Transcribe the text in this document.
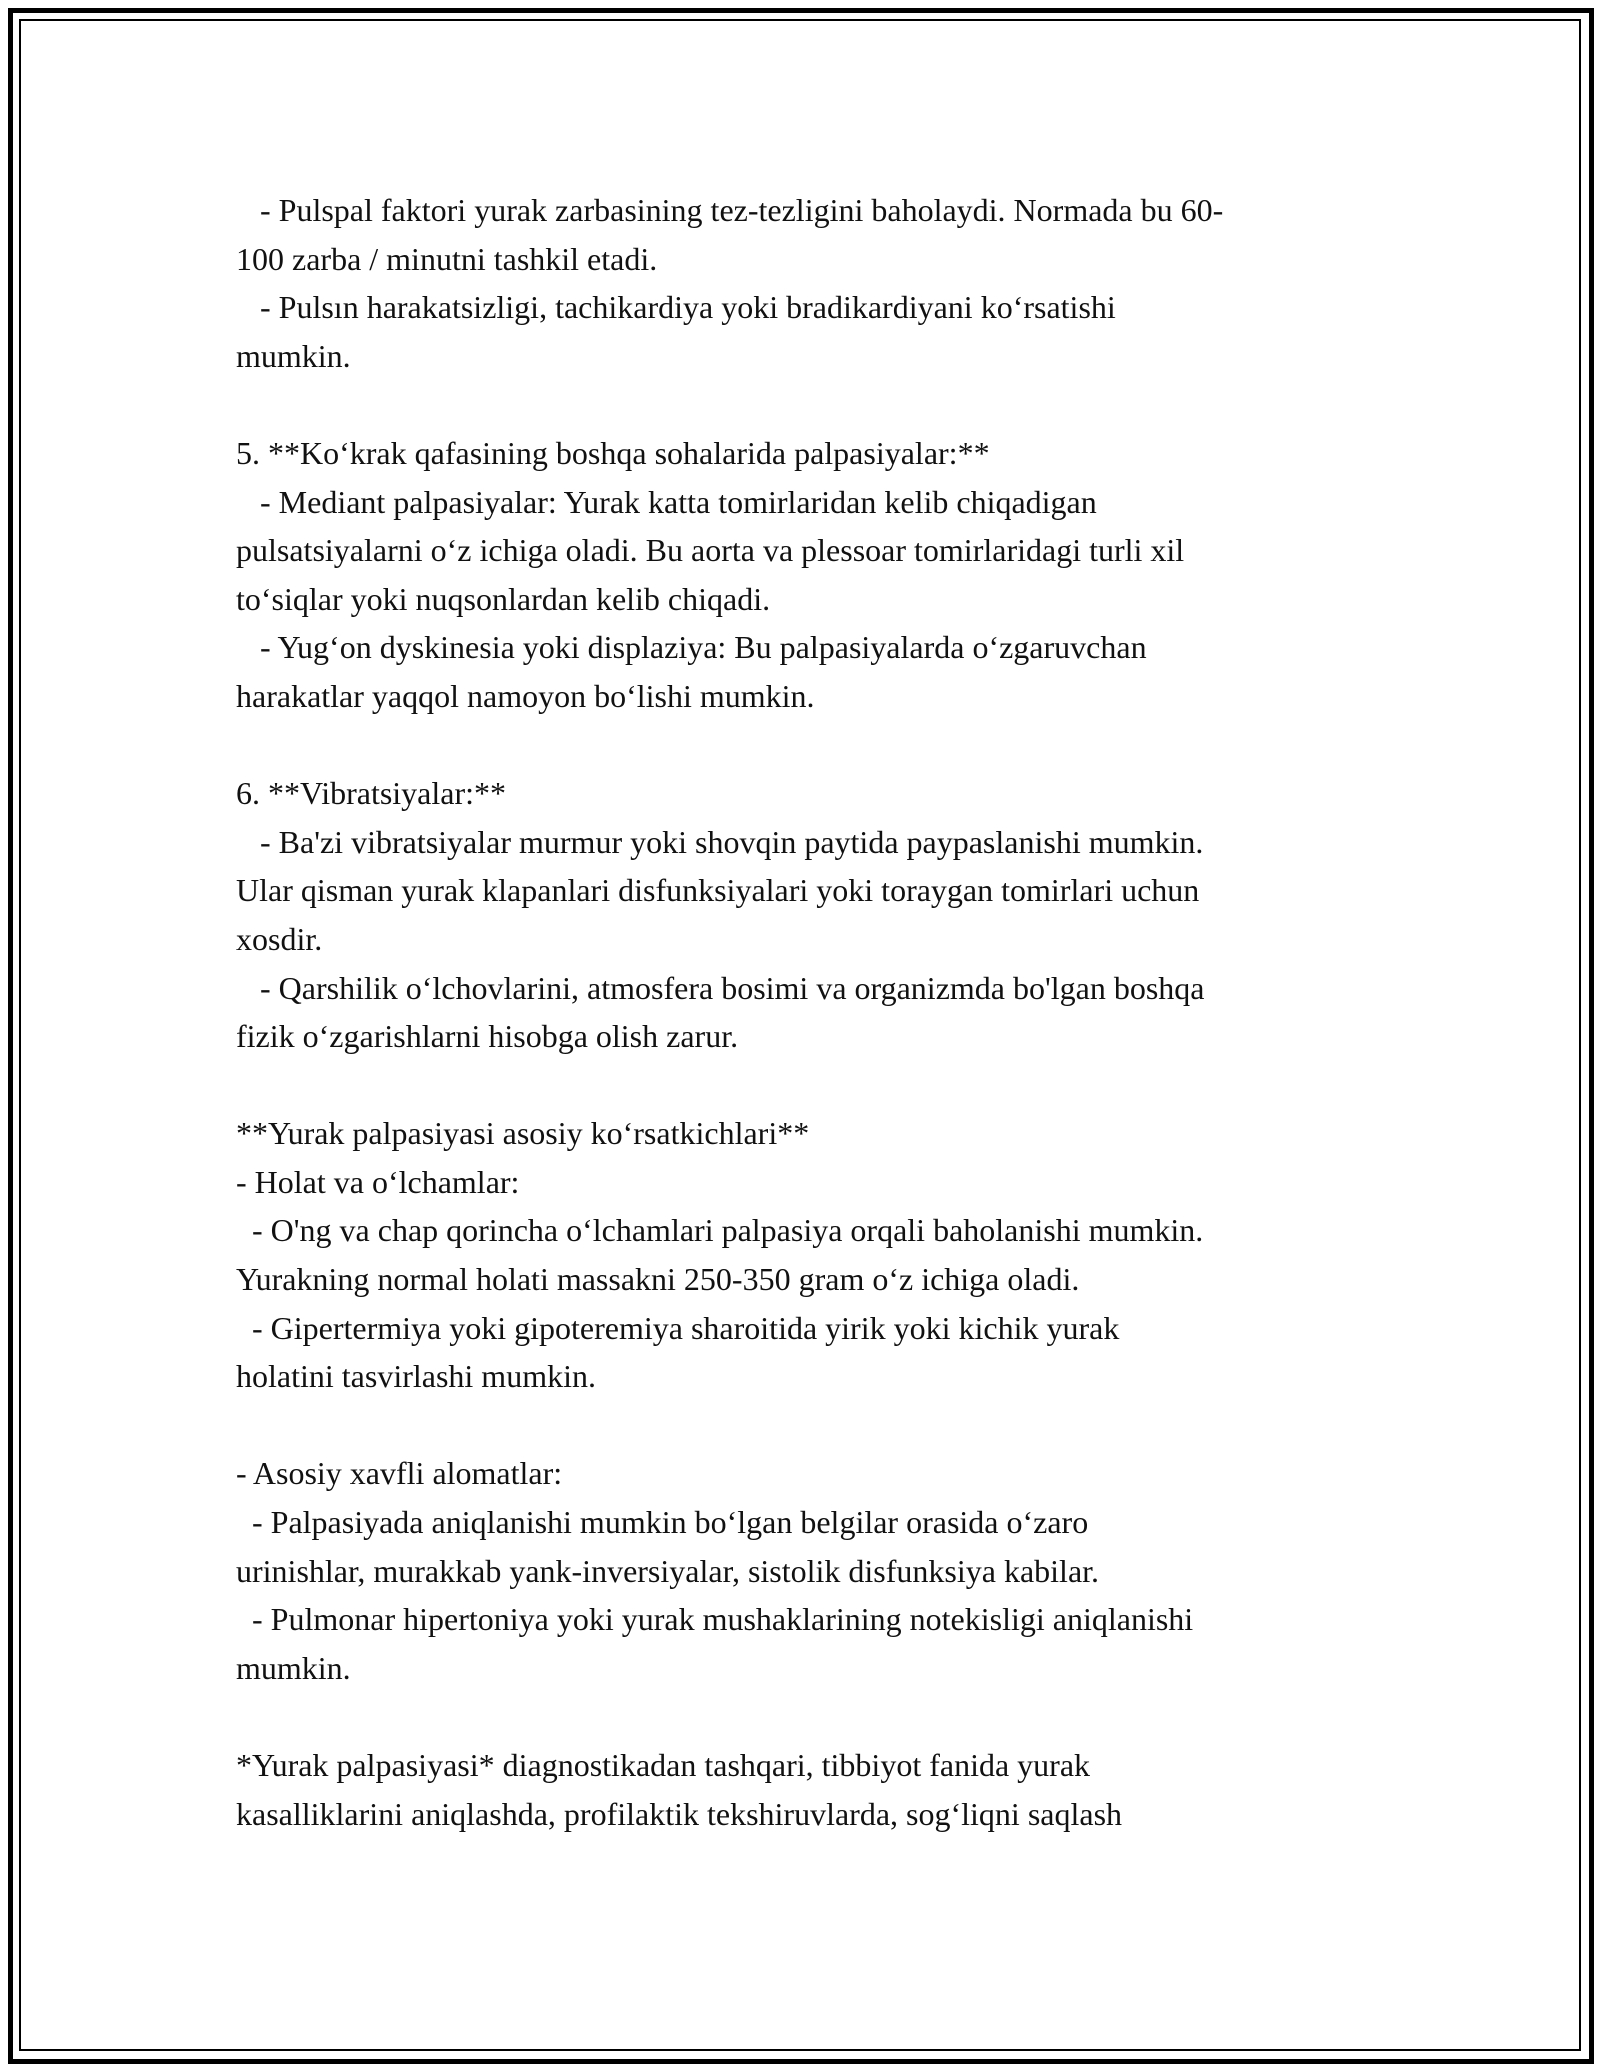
- Pulspal faktori yurak zarbasining tez-tezligini baholaydi. Normada bu 60-
100 zarba / minutni tashkil etadi.
- Pulsın harakatsizligi, tachikardiya yoki bradikardiyani ko‘rsatishi
mumkin.
5. **Ko‘krak qafasining boshqa sohalarida palpasiyalar:**
- Mediant palpasiyalar: Yurak katta tomirlaridan kelib chiqadigan
pulsatsiyalarni o‘z ichiga oladi. Bu aorta va plessoar tomirlaridagi turli xil
to‘siqlar yoki nuqsonlardan kelib chiqadi.
- Yug‘on dyskinesia yoki displaziya: Bu palpasiyalarda o‘zgaruvchan
harakatlar yaqqol namoyon bo‘lishi mumkin.
6. **Vibratsiyalar:**
- Ba'zi vibratsiyalar murmur yoki shovqin paytida paypaslanishi mumkin.
Ular qisman yurak klapanlari disfunksiyalari yoki toraygan tomirlari uchun
xosdir.
- Qarshilik o‘lchovlarini, atmosfera bosimi va organizmda bo'lgan boshqa
fizik o‘zgarishlarni hisobga olish zarur.
**Yurak palpasiyasi asosiy ko‘rsatkichlari**
- Holat va o‘lchamlar:
- O'ng va chap qorincha o‘lchamlari palpasiya orqali baholanishi mumkin.
Yurakning normal holati massakni 250-350 gram o‘z ichiga oladi.
- Gipertermiya yoki gipoteremiya sharoitida yirik yoki kichik yurak
holatini tasvirlashi mumkin.
- Asosiy xavfli alomatlar:
- Palpasiyada aniqlanishi mumkin bo‘lgan belgilar orasida o‘zaro
urinishlar, murakkab yank-inversiyalar, sistolik disfunksiya kabilar.
- Pulmonar hipertoniya yoki yurak mushaklarining notekisligi aniqlanishi
mumkin.
*Yurak palpasiyasi* diagnostikadan tashqari, tibbiyot fanida yurak
kasalliklarini aniqlashda, profilaktik tekshiruvlarda, sog‘liqni saqlash
